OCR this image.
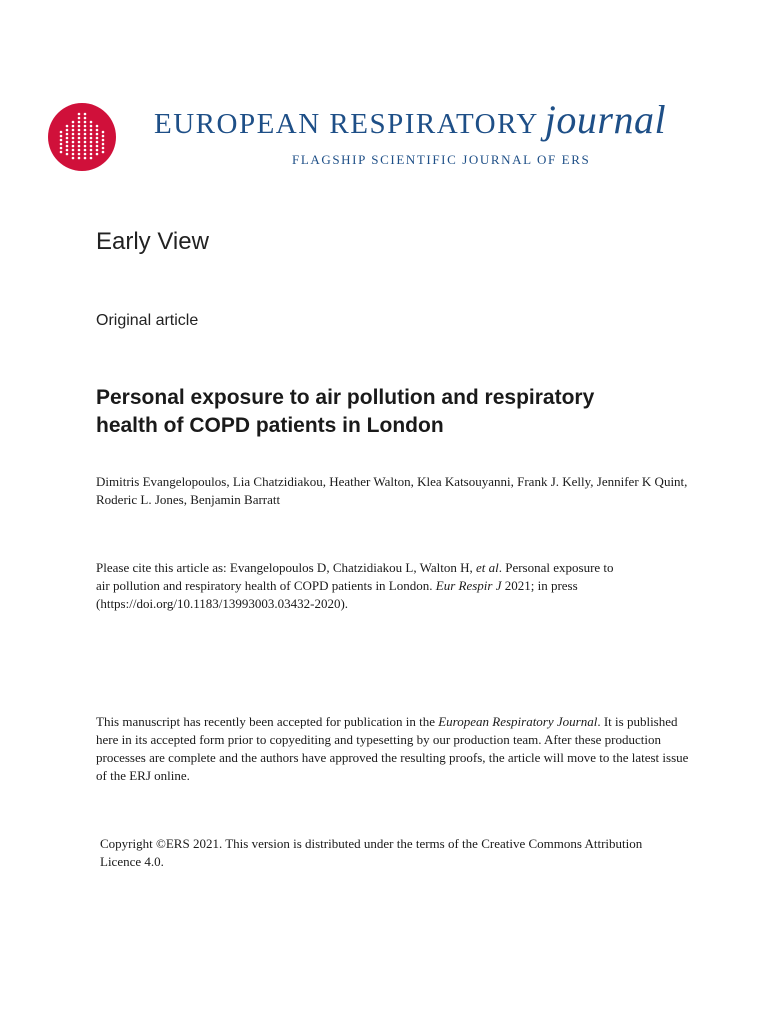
EUROPEAN RESPIRATORY journal
FLAGSHIP SCIENTIFIC JOURNAL OF ERS
Early View
Original article
Personal exposure to air pollution and respiratory
health of COPD patients in London
Dimitris Evangelopoulos, Lia Chatzidiakou, Heather Walton, Klea Katsouyanni, Frank J. Kelly, Jennifer K Quint, Roderic L. Jones, Benjamin Barratt
Please cite this article as: Evangelopoulos D, Chatzidiakou L, Walton H, et al. Personal exposure to air pollution and respiratory health of COPD patients in London. Eur Respir J 2021; in press (https://doi.org/10.1183/13993003.03432-2020).
This manuscript has recently been accepted for publication in the European Respiratory Journal. It is published here in its accepted form prior to copyediting and typesetting by our production team. After these production processes are complete and the authors have approved the resulting proofs, the article will move to the latest issue of the ERJ online.
Copyright ©ERS 2021. This version is distributed under the terms of the Creative Commons Attribution Licence 4.0.
